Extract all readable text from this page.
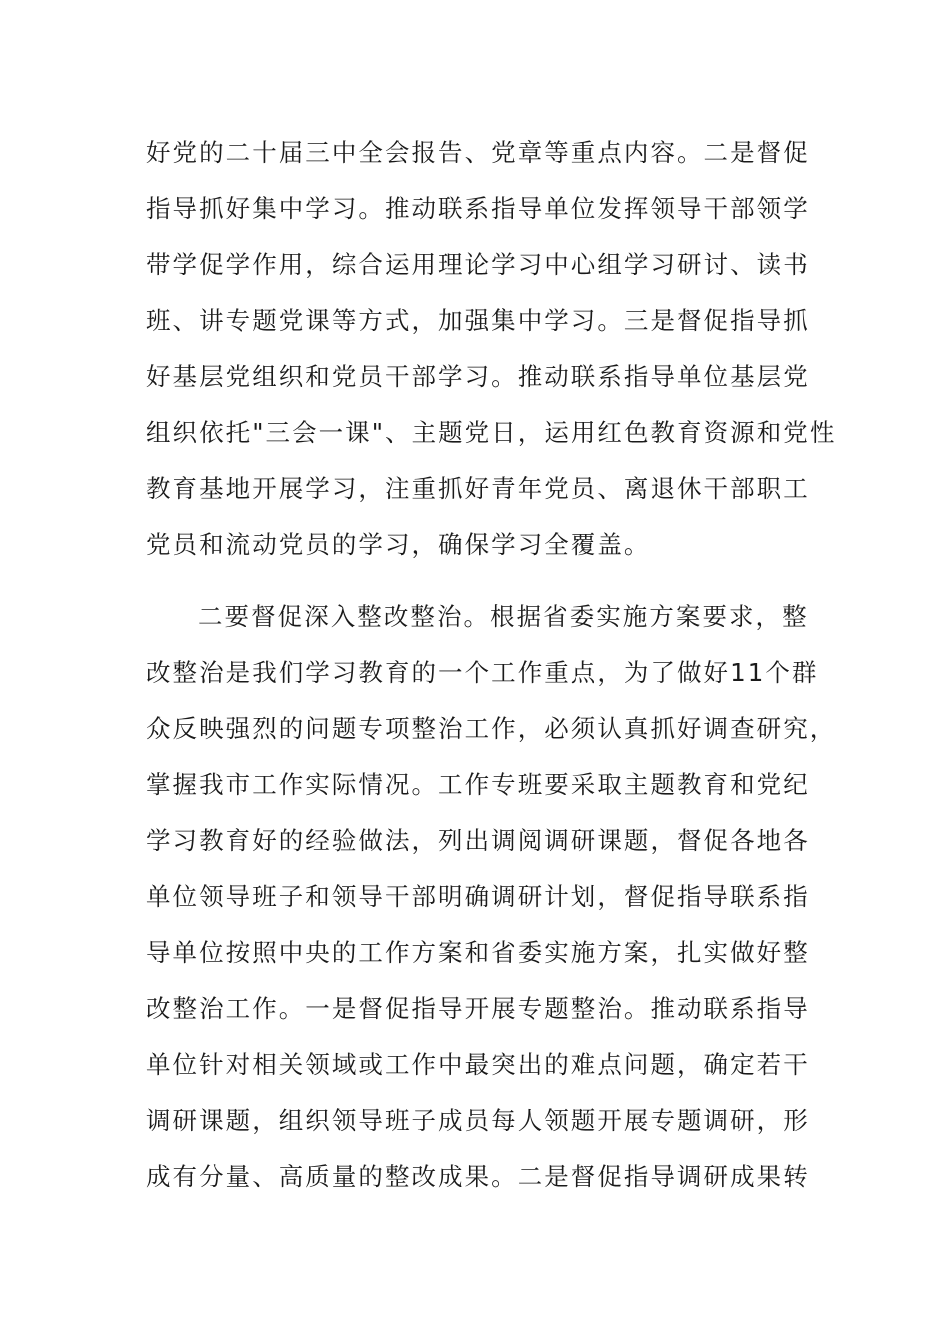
好党的二十届三中全会报告、党章等重点内容。二是督促
指导抓好集中学习。推动联系指导单位发挥领导干部领学
带学促学作用，综合运用理论学习中心组学习研讨、读书
班、讲专题党课等方式，加强集中学习。三是督促指导抓
好基层党组织和党员干部学习。推动联系指导单位基层党
组织依托"三会一课"、主题党日，运用红色教育资源和党性
教育基地开展学习，注重抓好青年党员、离退休干部职工
党员和流动党员的学习，确保学习全覆盖。
二要督促深入整改整治。根据省委实施方案要求，整
改整治是我们学习教育的一个工作重点，为了做好11个群
众反映强烈的问题专项整治工作，必须认真抓好调查研究，
掌握我市工作实际情况。工作专班要采取主题教育和党纪
学习教育好的经验做法，列出调阅调研课题，督促各地各
单位领导班子和领导干部明确调研计划，督促指导联系指
导单位按照中央的工作方案和省委实施方案，扎实做好整
改整治工作。一是督促指导开展专题整治。推动联系指导
单位针对相关领域或工作中最突出的难点问题，确定若干
调研课题，组织领导班子成员每人领题开展专题调研，形
成有分量、高质量的整改成果。二是督促指导调研成果转
